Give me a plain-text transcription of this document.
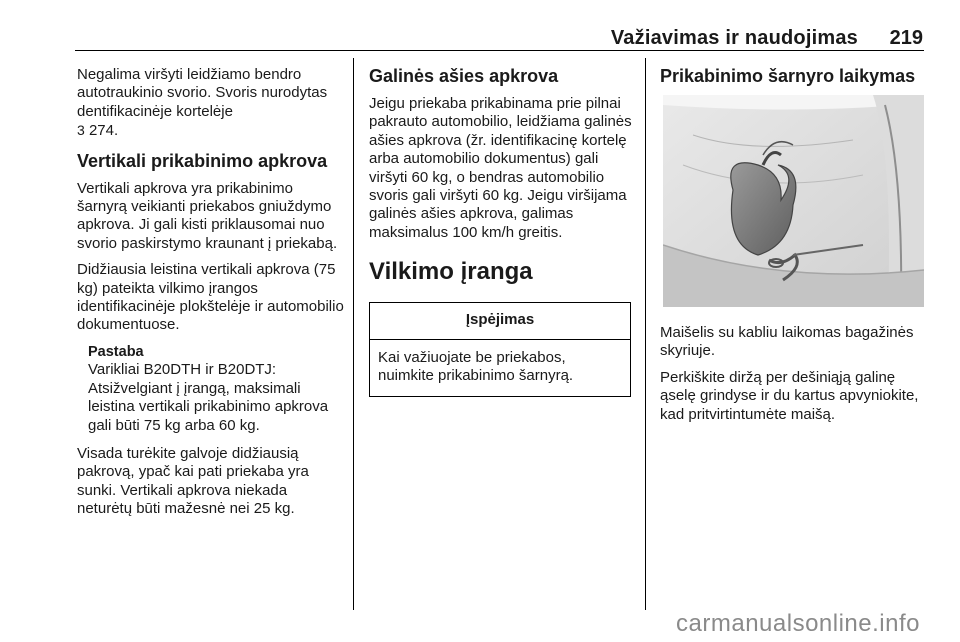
Važiavimas ir naudojimas 219

Negalima viršyti leidžiamo bendro autotraukinio svorio. Svoris nurodytas dentifikacinėje kortelėje
3 274.

Vertikali prikabinimo apkrova

Vertikali apkrova yra prikabinimo šarnyrą veikianti priekabos gniuždymo apkrova. Ji gali kisti priklausomai nuo svorio paskirstymo kraunant į priekabą.

Didžiausia leistina vertikali apkrova (75 kg) pateikta vilkimo įrangos identifikacinėje plokštelėje ir automobilio dokumentuose.

Pastaba

Varikliai B20DTH ir B20DTJ:

Atsižvelgiant į įrangą, maksimali leistina vertikali prikabinimo apkrova gali būti 75 kg arba 60 kg.

Visada turėkite galvoje didžiausią pakrovą, ypač kai pati priekaba yra sunki. Vertikali apkrova niekada neturėtų būti mažesnė nei 25 kg.

Galinės ašies apkrova

Jeigu priekaba prikabinama prie pilnai pakrauto automobilio, leidžiama galinės ašies apkrova (žr. identifikacinę kortelę arba automobilio dokumentus) gali viršyti 60 kg, o bendras automobilio svoris gali viršyti 60 kg. Jeigu viršijama galinės ašies apkrova, galimas maksimalus 100 km/h greitis.

Vilkimo įranga
Įspėjimas
Kai važiuojate be priekabos, nuimkite prikabinimo šarnyrą.
Prikabinimo šarnyro laikymas

Maišelis su kabliu laikomas bagažinės skyriuje.

Perkiškite diržą per dešiniąją galinę ąselę grindyse ir du kartus apvyniokite, kad pritvirtintumėte maišą.

carmanualsonline.info
